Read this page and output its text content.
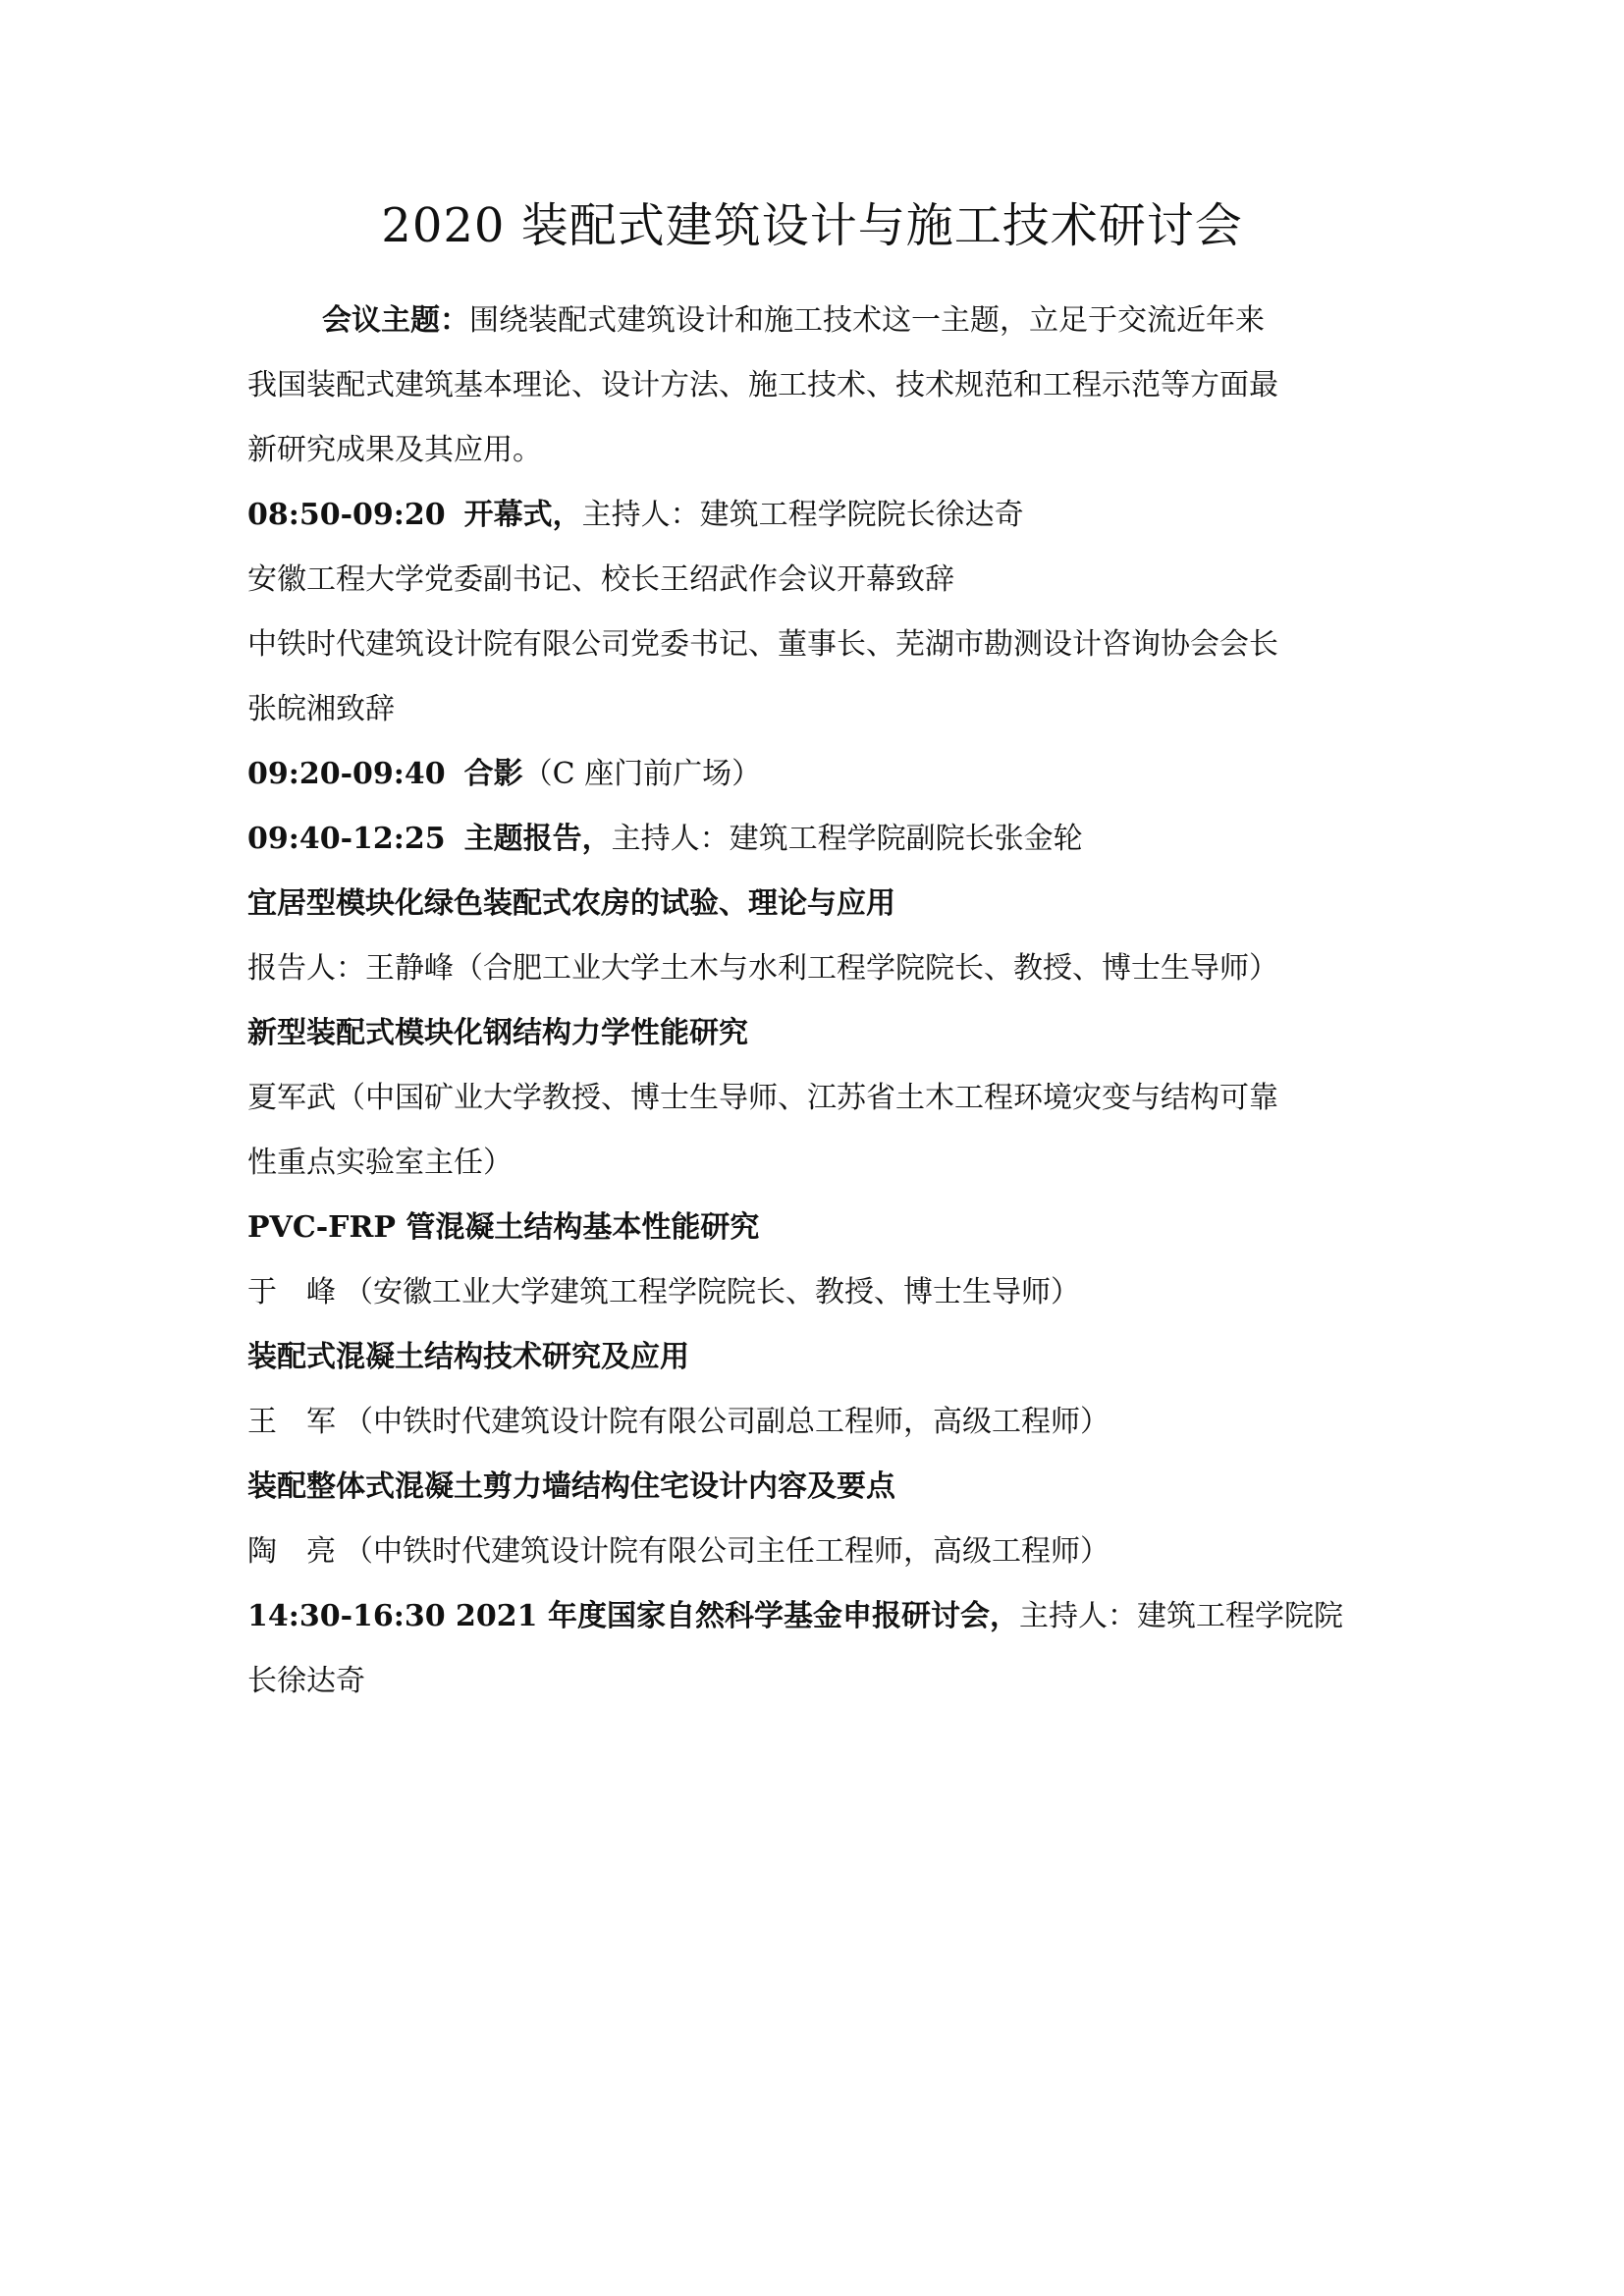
2020 装配式建筑设计与施工技术研讨会
会议主题：围绕装配式建筑设计和施工技术这一主题，立足于交流近年来
我国装配式建筑基本理论、设计方法、施工技术、技术规范和工程示范等方面最
新研究成果及其应用。
08:50-09:20 开幕式，主持人：建筑工程学院院长徐达奇
安徽工程大学党委副书记、校长王绍武作会议开幕致辞
中铁时代建筑设计院有限公司党委书记、董事长、芜湖市勘测设计咨询协会会长
张皖湘致辞
09:20-09:40 合影（C 座门前广场）
09:40-12:25 主题报告，主持人：建筑工程学院副院长张金轮
宜居型模块化绿色装配式农房的试验、理论与应用
报告人：王静峰（合肥工业大学土木与水利工程学院院长、教授、博士生导师）
新型装配式模块化钢结构力学性能研究
夏军武（中国矿业大学教授、博士生导师、江苏省土木工程环境灾变与结构可靠
性重点实验室主任）
PVC-FRP 管混凝土结构基本性能研究
于 峰 （安徽工业大学建筑工程学院院长、教授、博士生导师）
装配式混凝土结构技术研究及应用
王 军 （中铁时代建筑设计院有限公司副总工程师，高级工程师）
装配整体式混凝土剪力墙结构住宅设计内容及要点
陶 亮 （中铁时代建筑设计院有限公司主任工程师，高级工程师）
14:30-16:30 2021 年度国家自然科学基金申报研讨会，主持人：建筑工程学院院
长徐达奇
